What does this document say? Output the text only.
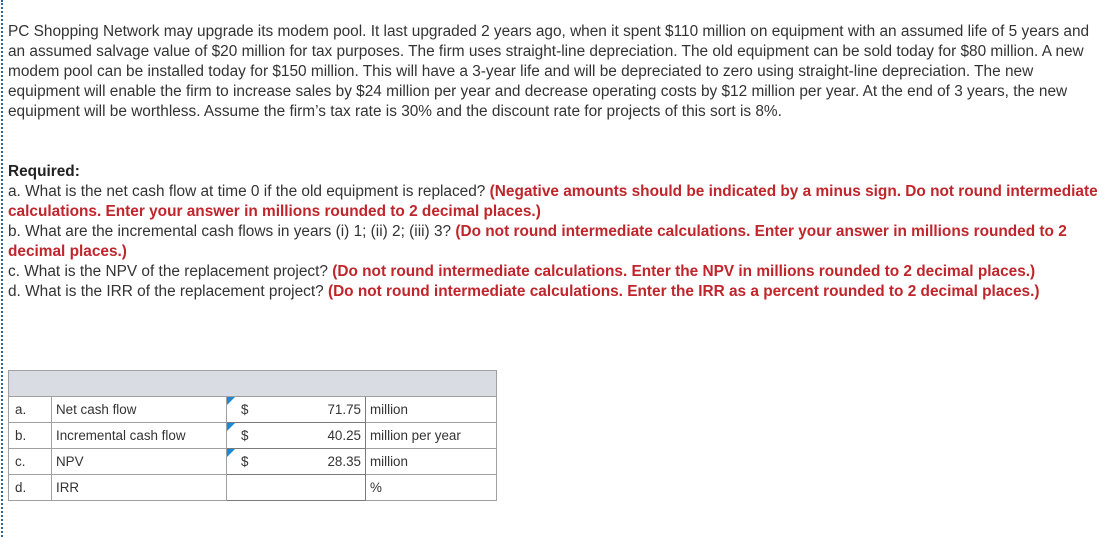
PC Shopping Network may upgrade its modem pool. It last upgraded 2 years ago, when it spent $110 million on equipment with an assumed life of 5 years and an assumed salvage value of $20 million for tax purposes. The firm uses straight-line depreciation. The old equipment can be sold today for $80 million. A new modem pool can be installed today for $150 million. This will have a 3-year life and will be depreciated to zero using straight-line depreciation. The new equipment will enable the firm to increase sales by $24 million per year and decrease operating costs by $12 million per year. At the end of 3 years, the new equipment will be worthless. Assume the firm’s tax rate is 30% and the discount rate for projects of this sort is 8%.

Required:

a. What is the net cash flow at time 0 if the old equipment is replaced? (Negative amounts should be indicated by a minus sign. Do not round intermediate calculations. Enter your answer in millions rounded to 2 decimal places.)

b. What are the incremental cash flows in years (i) 1; (ii) 2; (iii) 3? (Do not round intermediate calculations. Enter your answer in millions rounded to 2 decimal places.)

c. What is the NPV of the replacement project? (Do not round intermediate calculations. Enter the NPV in millions rounded to 2 decimal places.)

d. What is the IRR of the replacement project? (Do not round intermediate calculations. Enter the IRR as a percent rounded to 2 decimal places.)

a.	Net cash flow	$ 71.75	million
b.	Incremental cash flow	$ 40.25	million per year
c.	NPV	$ 28.35	million
d.	IRR		%
